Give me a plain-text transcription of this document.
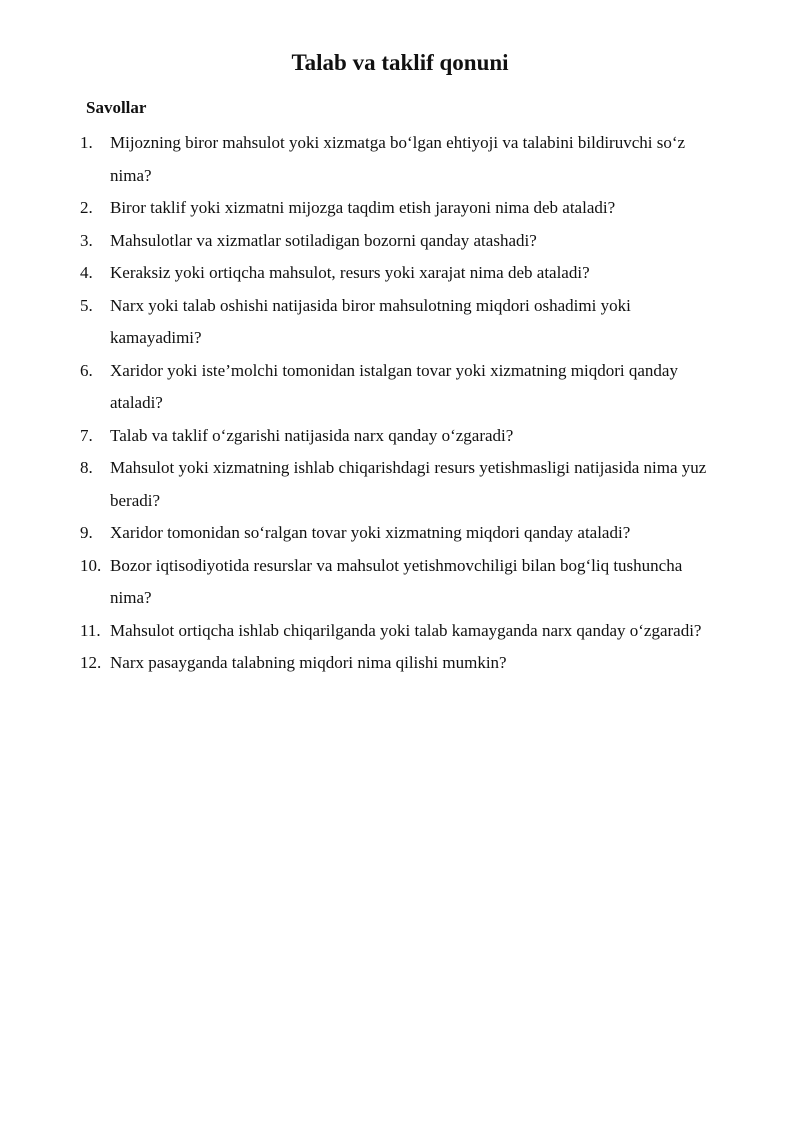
Talab va taklif qonuni
Savollar
1.	Mijozning biror mahsulot yoki xizmatga bo‘lgan ehtiyoji va talabini bildiruvchi so‘z nima?
2.	Biror taklif yoki xizmatni mijozga taqdim etish jarayoni nima deb ataladi?
3.	Mahsulotlar va xizmatlar sotiladigan bozorni qanday atashadi?
4.	Keraksiz yoki ortiqcha mahsulot, resurs yoki xarajat nima deb ataladi?
5.	Narx yoki talab oshishi natijasida biror mahsulotning miqdori oshadimi yoki kamayadimi?
6.	Xaridor yoki iste’molchi tomonidan istalgan tovar yoki xizmatning miqdori qanday ataladi?
7.	Talab va taklif o‘zgarishi natijasida narx qanday o‘zgaradi?
8.	Mahsulot yoki xizmatning ishlab chiqarishdagi resurs yetishmasligi natijasida nima yuz beradi?
9.	Xaridor tomonidan so‘ralgan tovar yoki xizmatning miqdori qanday ataladi?
10. Bozor iqtisodiyotida resurslar va mahsulot yetishmovchiligi bilan bog‘liq tushuncha nima?
11. Mahsulot ortiqcha ishlab chiqarilganda yoki talab kamayganda narx qanday o‘zgaradi?
12. Narx pasayganda talabning miqdori nima qilishi mumkin?
